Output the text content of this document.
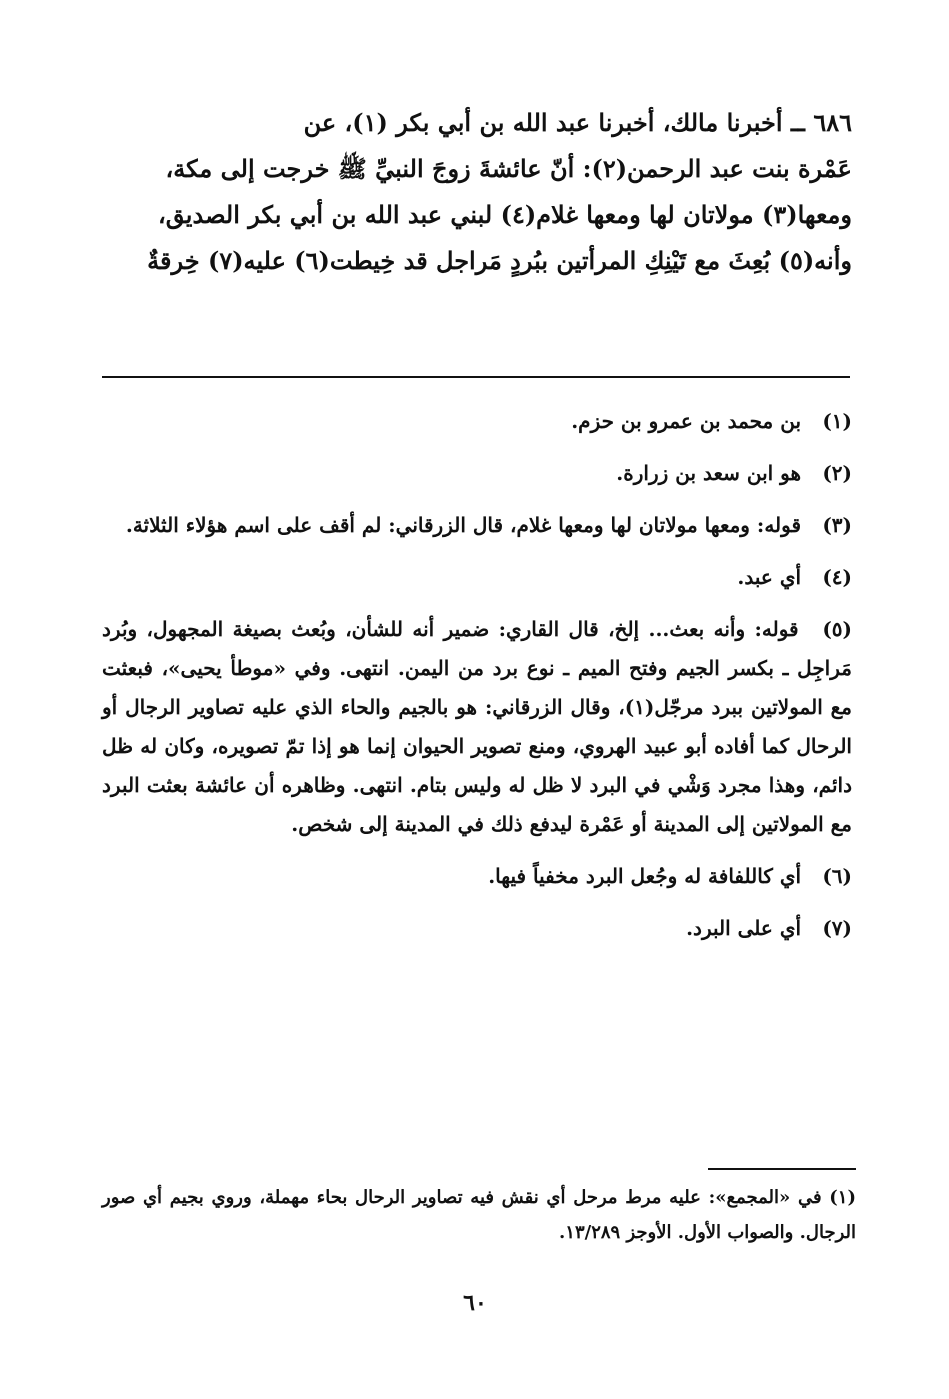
٦٨٦ ــ أخبرنا مالك، أخبرنا عبد الله بن أبي بكر (١)، عن

عَمْرة بنت عبد الرحمن(٢): أنّ عائشةَ زوجَ النبيِّ ﷺ خرجت إلى مكة،

ومعها(٣) مولاتان لها ومعها غلام(٤) لبني عبد الله بن أبي بكر الصديق،

وأنه(٥) بُعِثَ مع تَيْنِكِ المرأتين ببُردٍ مَراجل قد خِيطت(٦) عليه(٧) خِرقةٌ

(١) بن محمد بن عمرو بن حزم.

(٢) هو ابن سعد بن زرارة.

(٣) قوله: ومعها مولاتان لها ومعها غلام، قال الزرقاني: لم أقف على اسم هؤلاء الثلاثة.

(٤) أي عبد.

(٥) قوله: وأنه بعث... إلخ، قال القاري: ضمير أنه للشأن، وبُعث بصيغة المجهول، وبُرد مَراجِل ـ بكسر الجيم وفتح الميم ـ نوع برد من اليمن. انتهى. وفي «موطأ يحيى»، فبعثت مع المولاتين ببرد مرجّل(١)، وقال الزرقاني: هو بالجيم والحاء الذي عليه تصاوير الرجال أو الرحال كما أفاده أبو عبيد الهروي، ومنع تصوير الحيوان إنما هو إذا تمّ تصويره، وكان له ظل دائم، وهذا مجرد وَشْي في البرد لا ظل له وليس بتام. انتهى. وظاهره أن عائشة بعثت البرد مع المولاتين إلى المدينة أو عَمْرة ليدفع ذلك في المدينة إلى شخص.

(٦) أي كاللفافة له وجُعل البرد مخفياً فيها.

(٧) أي على البرد.

(١) في «المجمع»: عليه مرط مرحل أي نقش فيه تصاوير الرحال بحاء مهملة، وروي بجيم أي صور الرجال. والصواب الأول. الأوجز ١٣/٢٨٩.

٦٠
